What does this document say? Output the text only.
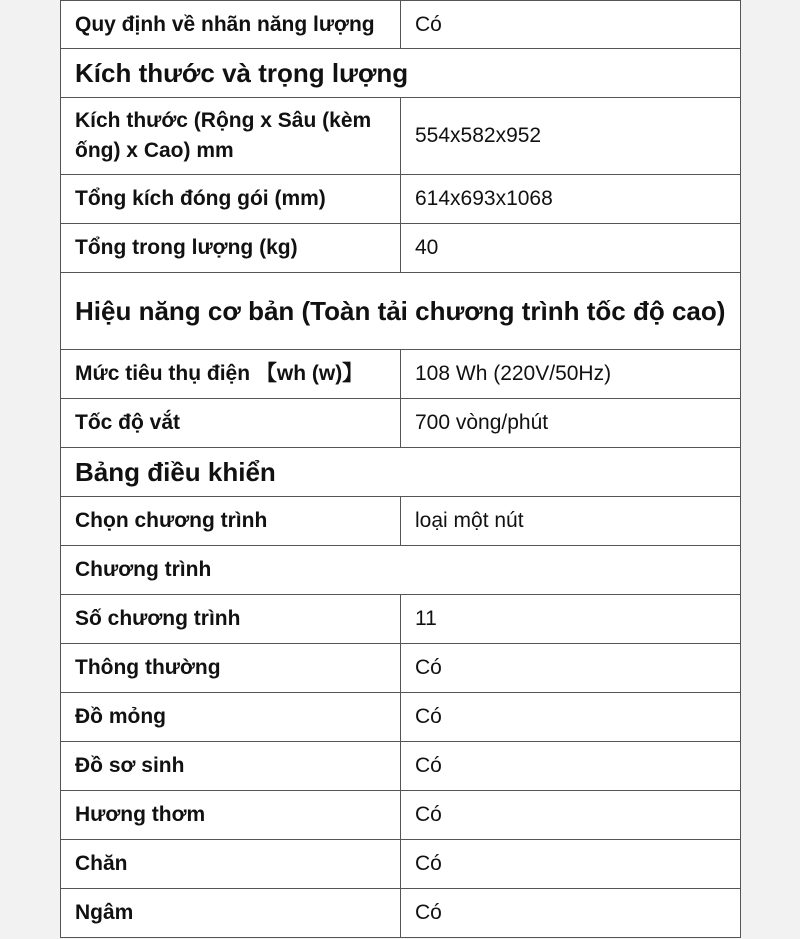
Quy định về nhãn năng lượng	Có
Kích thước và trọng lượng	
Kích thước (Rộng x Sâu (kèm ống) x Cao) mm	554x582x952
Tổng kích đóng gói (mm)	614x693x1068
Tổng trong lượng (kg)	40
Hiệu năng cơ bản (Toàn tải chương trình tốc độ cao)	
Mức tiêu thụ điện 【wh (w)】	108 Wh (220V/50Hz)
Tốc độ vắt	700 vòng/phút
Bảng điều khiển	
Chọn chương trình	loại một nút
Chương trình	
Số chương trình	11
Thông thường	Có
Đồ mỏng	Có
Đồ sơ sinh	Có
Hương thơm	Có
Chăn	Có
Ngâm	Có
